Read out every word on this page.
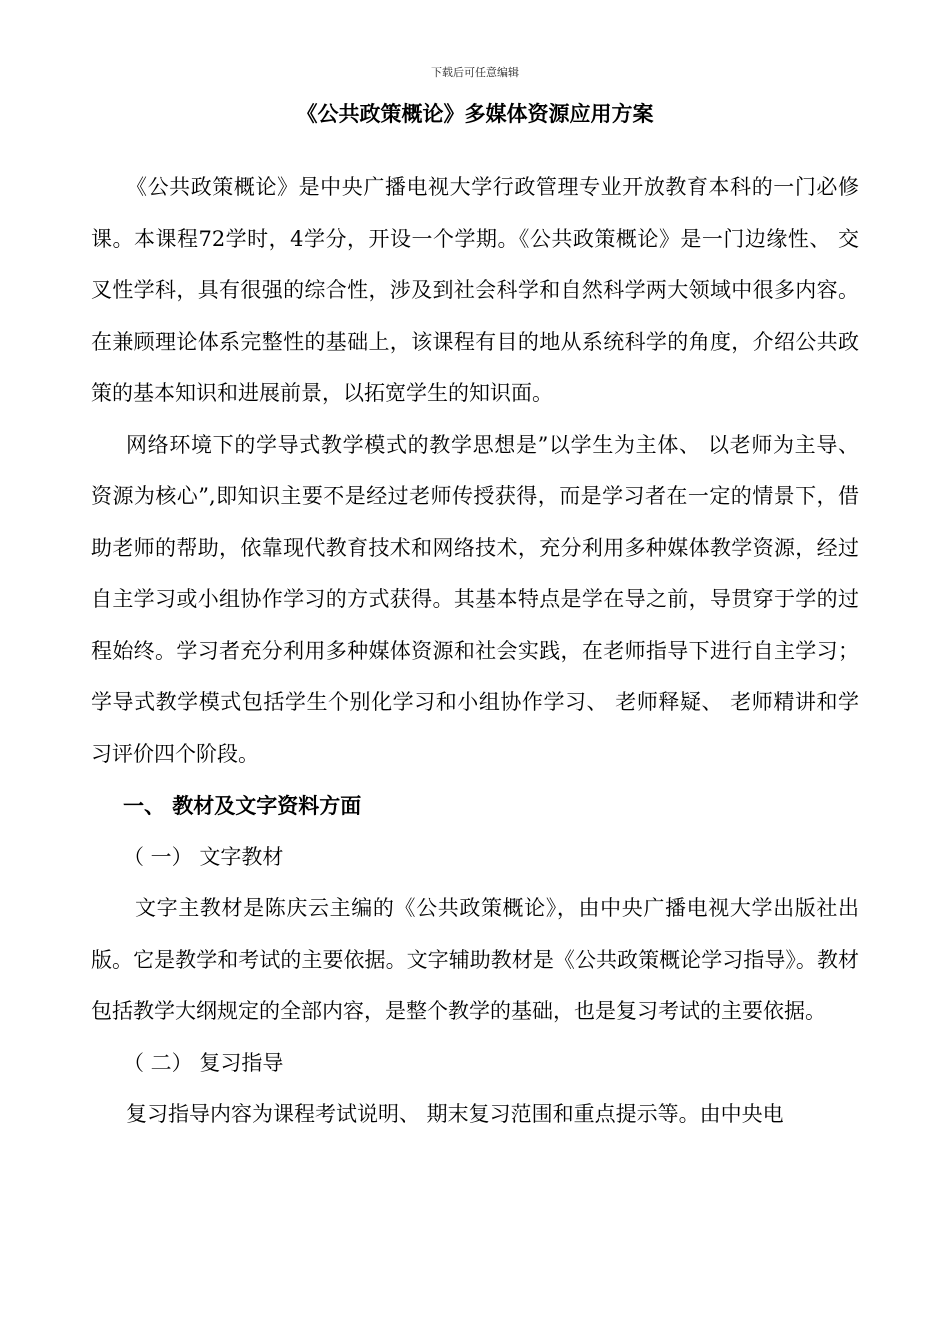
下载后可任意编辑
《公共政策概论》多媒体资源应用方案

《公共政策概论》是中央广播电视大学行政管理专业开放教育本科的一门必修课。本课程72学时，4学分，开设一个学期。《公共政策概论》是一门边缘性、 交叉性学科，具有很强的综合性，涉及到社会科学和自然科学两大领域中很多内容。在兼顾理论体系完整性的基础上，该课程有目的地从系统科学的角度，介绍公共政策的基本知识和进展前景，以拓宽学生的知识面。

网络环境下的学导式教学模式的教学思想是”以学生为主体、 以老师为主导、 资源为核心”,即知识主要不是经过老师传授获得，而是学习者在一定的情景下，借助老师的帮助，依靠现代教育技术和网络技术，充分利用多种媒体教学资源，经过自主学习或小组协作学习的方式获得。其基本特点是学在导之前，导贯穿于学的过程始终。学习者充分利用多种媒体资源和社会实践，在老师指导下进行自主学习；学导式教学模式包括学生个别化学习和小组协作学习、 老师释疑、 老师精讲和学习评价四个阶段。

一、 教材及文字资料方面

（ 一） 文字教材

文字主教材是陈庆云主编的《公共政策概论》，由中央广播电视大学出版社出版。它是教学和考试的主要依据。文字辅助教材是《公共政策概论学习指导》。教材包括教学大纲规定的全部内容，是整个教学的基础，也是复习考试的主要依据。

（ 二） 复习指导

复习指导内容为课程考试说明、 期末复习范围和重点提示等。由中央电
